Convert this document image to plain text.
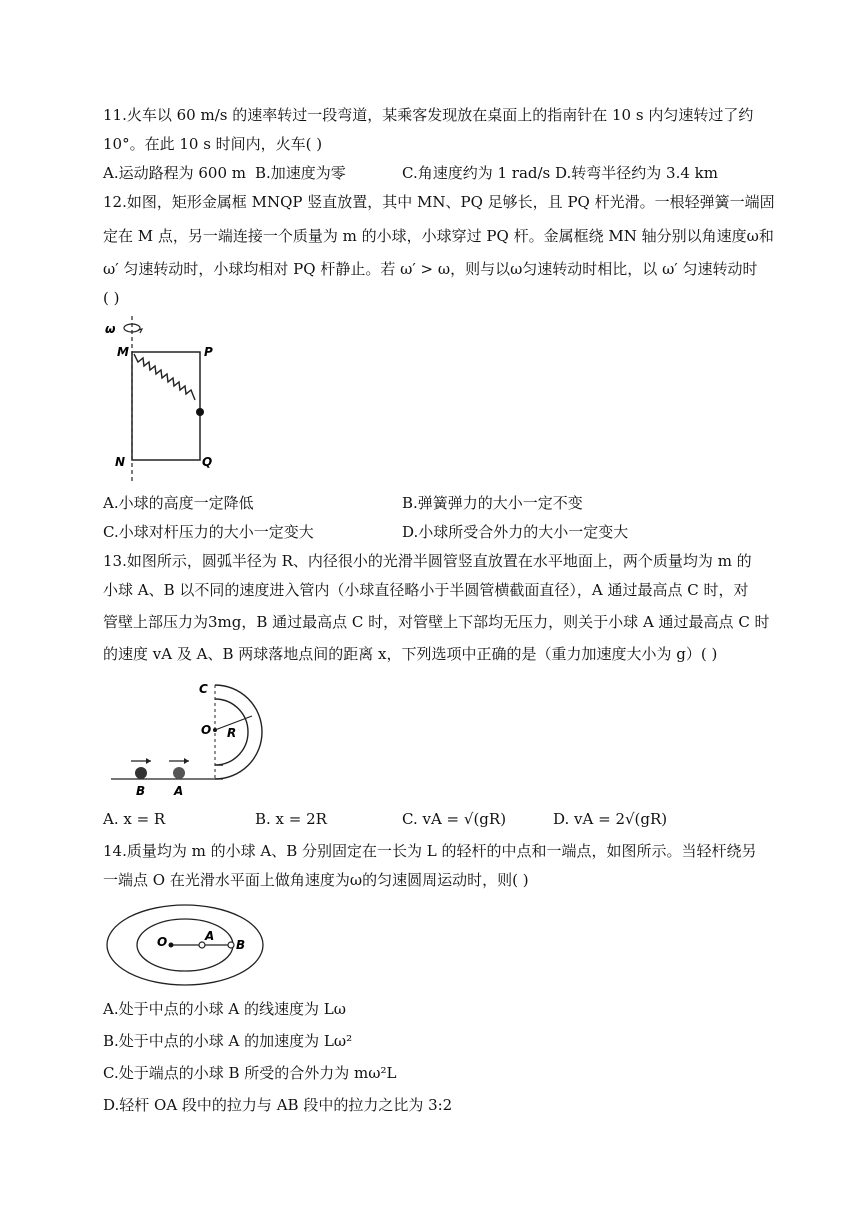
11.火车以 60 m/s 的速率转过一段弯道，某乘客发现放在桌面上的指南针在 10 s 内匀速转过了约
10°。在此 10 s 时间内，火车( )
A.运动路程为 600 m B.加速度为零	C.角速度约为 1 rad/s D.转弯半径约为 3.4 km
12.如图，矩形金属框 MNQP 竖直放置，其中 MN、PQ 足够长，且 PQ 杆光滑。一根轻弹簧一端固
定在 M 点，另一端连接一个质量为 m 的小球，小球穿过 PQ 杆。金属框绕 MN 轴分别以角速度ω和
ω′ 匀速转动时，小球均相对 PQ 杆静止。若 ω′ > ω，则与以ω匀速转动时相比，以 ω′ 匀速转动时
( )
ω
M	P
N	Q
A.小球的高度一定降低	B.弹簧弹力的大小一定不变
C.小球对杆压力的大小一定变大	D.小球所受合外力的大小一定变大
13.如图所示，圆弧半径为 R、内径很小的光滑半圆管竖直放置在水平地面上，两个质量均为 m 的
小球 A、B 以不同的速度进入管内（小球直径略小于半圆管横截面直径），A 通过最高点 C 时，对
管壁上部压力为3mg，B 通过最高点 C 时，对管壁上下部均无压力，则关于小球 A 通过最高点 C 时
的速度 vA 及 A、B 两球落地点间的距离 x，下列选项中正确的是（重力加速度大小为 g）( )
C
O R
B A
A. x = R	B. x = 2R	C. vA = √(gR)	D. vA = 2√(gR)
14.质量均为 m 的小球 A、B 分别固定在一长为 L 的轻杆的中点和一端点，如图所示。当轻杆绕另
一端点 O 在光滑水平面上做角速度为ω的匀速圆周运动时，则( )
O	A
B
A.处于中点的小球 A 的线速度为 Lω
B.处于中点的小球 A 的加速度为 Lω²
C.处于端点的小球 B 所受的合外力为 mω²L
D.轻杆 OA 段中的拉力与 AB 段中的拉力之比为 3:2
